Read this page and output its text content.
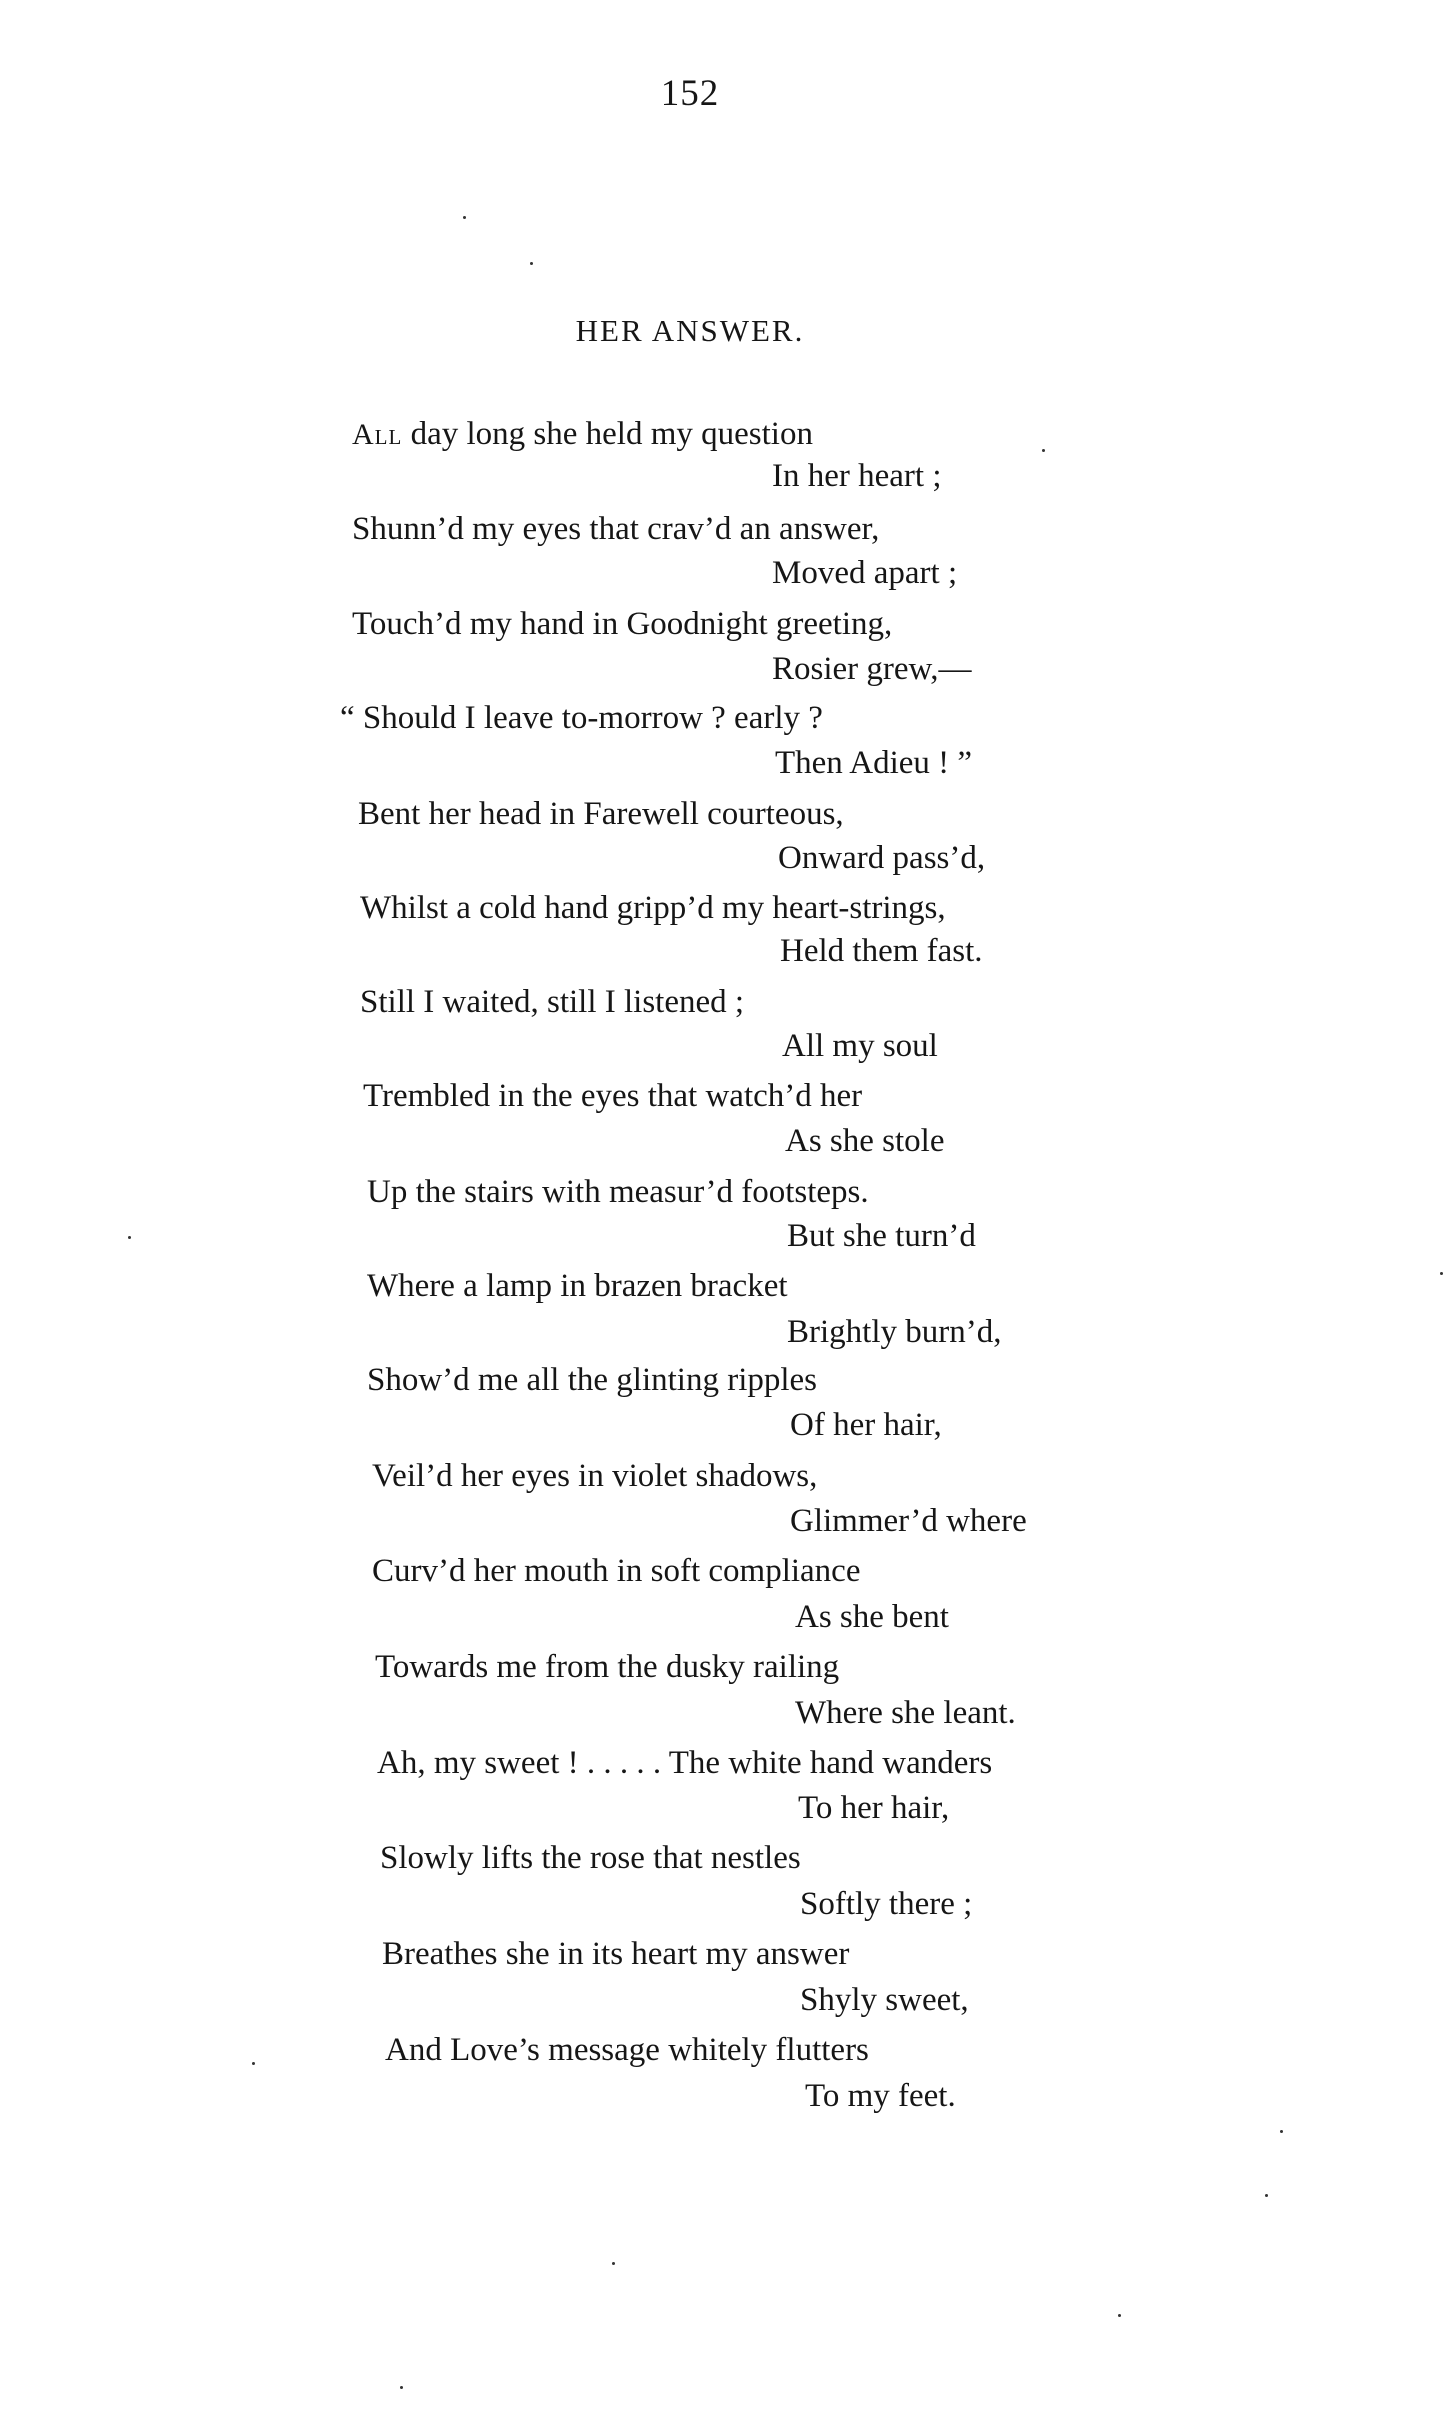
152
HER ANSWER.
All day long she held my question
In her heart ;
Shunn’d my eyes that crav’d an answer,
Moved apart ;
Touch’d my hand in Goodnight greeting,
Rosier grew,—
“ Should I leave to-morrow ? early ?
Then Adieu ! ”
Bent her head in Farewell courteous,
Onward pass’d,
Whilst a cold hand gripp’d my heart-strings,
Held them fast.
Still I waited, still I listened ;
All my soul
Trembled in the eyes that watch’d her
As she stole
Up the stairs with measur’d footsteps.
But she turn’d
Where a lamp in brazen bracket
Brightly burn’d,
Show’d me all the glinting ripples
Of her hair,
Veil’d her eyes in violet shadows,
Glimmer’d where
Curv’d her mouth in soft compliance
As she bent
Towards me from the dusky railing
Where she leant.
Ah, my sweet ! . . . . . The white hand wanders
To her hair,
Slowly lifts the rose that nestles
Softly there ;
Breathes she in its heart my answer
Shyly sweet,
And Love’s message whitely flutters
To my feet.
